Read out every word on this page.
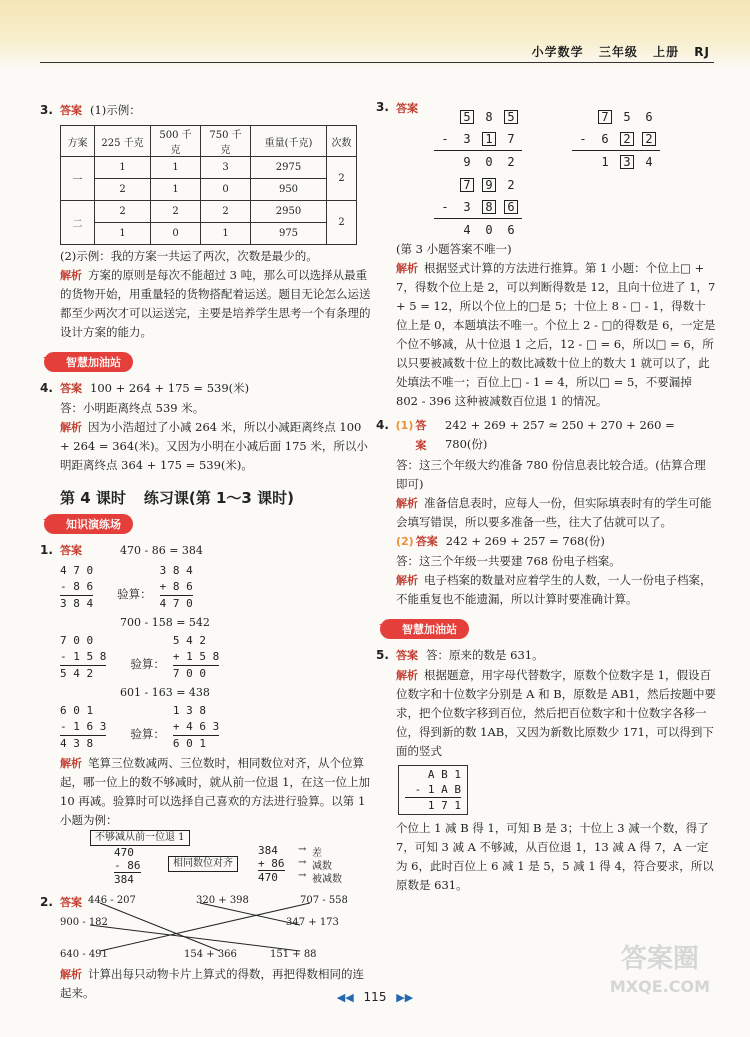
小学数学 三年级 上册 RJ
3. 答案 (1)示例：
方案	225 千克	500 千克	750 千克	重量(千克)	次数
一	1	1	3	2975	2
	2	1	0	950	
二	2	2	2	2950	2
	1	0	1	975	
(2)示例：我的方案一共运了两次，次数是最少的。
解析 方案的原则是每次不能超过 3 吨，那么可以选择从最重的货物开始，用重量轻的货物搭配着运送。题目无论怎么运送都至少两次才可以运送完，主要是培养学生思考一个有条理的设计方案的能力。
★ 智慧加油站
4. 答案 100 + 264 + 175 = 539(米)
答：小明距离终点 539 米。
解析 因为小浩超过了小减 264 米，所以小减距离终点 100 + 264 = 364(米)。又因为小明在小减后面 175 米，所以小明距离终点 364 + 175 = 539(米)。
第 4 课时 练习课(第 1～3 课时)
★ 知识演练场
1. 答案	470 - 86 = 384
4 7 0
- 8 6
3 8 4
验算：
3 8 4
+ 8 6
4 7 0
700 - 158 = 542
7 0 0
- 1 5 8
5 4 2
验算：
5 4 2
+ 1 5 8
7 0 0
601 - 163 = 438
6 0 1
- 1 6 3
4 3 8
验算：
1 3 8
+ 4 6 3
6 0 1
解析 笔算三位数减两、三位数时，相同数位对齐，从个位算起，哪一位上的数不够减时，就从前一位退 1，在这一位上加 10 再减。验算时可以选择自己喜欢的方法进行验算。以第 1 小题为例：
不够减从前一位退 1
470
- 86
384
相同数位对齐
384
+ 86
470
→ 差
→ 减数
→ 被减数
2. 答案 446 - 207	320 + 398	707 - 558
900 - 182	347 + 173
640 - 491	154 + 366	151 + 88
解析 计算出每只动物卡片上算式的得数，再把得数相同的连起来。
3. 答案
5	8	5
-	3	1	7
9	0	2
7	9	2
-	3	8	6
4	0	6
7	5	6
-	6	2	2
1	3	4
(第 3 小题答案不唯一)
解析 根据竖式计算的方法进行推算。第 1 小题：个位上□ + 7，得数个位上是 2，可以判断得数是 12，且向十位进了 1，7 + 5 = 12，所以个位上的□是 5；十位上 8 - □ - 1，得数十位上是 0，本题填法不唯一。个位上 2 - □的得数是 6，一定是个位不够减，从十位退 1 之后，12 - □ = 6，所以□ = 6，所以只要被减数十位上的数比减数十位上的数大 1 就可以了，此处填法不唯一；百位上□ - 1 = 4，所以□ = 5，不要漏掉 802 - 396 这种被减数百位退 1 的情况。
4. (1) 答案
242 + 269 + 257 ≈ 250 + 270 + 260 = 780(份)
答：这三个年级大约准备 780 份信息表比较合适。(估算合理即可)
解析 准备信息表时，应每人一份，但实际填表时有的学生可能会填写错误，所以要多准备一些，往大了估就可以了。
(2) 答案 242 + 269 + 257 = 768(份)
答：这三个年级一共要建 768 份电子档案。
解析 电子档案的数量对应着学生的人数，一人一份电子档案，不能重复也不能遗漏，所以计算时要准确计算。
★ 智慧加油站
5. 答案 答：原来的数是 631。
解析 根据题意，用字母代替数字，原数个位数字是 1，假设百位数字和十位数字分别是 A 和 B，原数是 AB1，然后按题中要求，把个位数字移到百位，然后把百位数字和十位数字各移一位，得到新的数 1AB，又因为新数比原数少 171，可以得到下面的竖式
A B 1
- 1 A B
1 7 1
个位上 1 减 B 得 1，可知 B 是 3；十位上 3 减一个数，得了 7，可知 3 减 A 不够减，从百位退 1，13 减 A 得 7，A 一定为 6，此时百位上 6 减 1 是 5，5 减 1 得 4，符合要求，所以原数是 631。
◀◀ 115 ▶▶
答案圈
MXQE.COM
